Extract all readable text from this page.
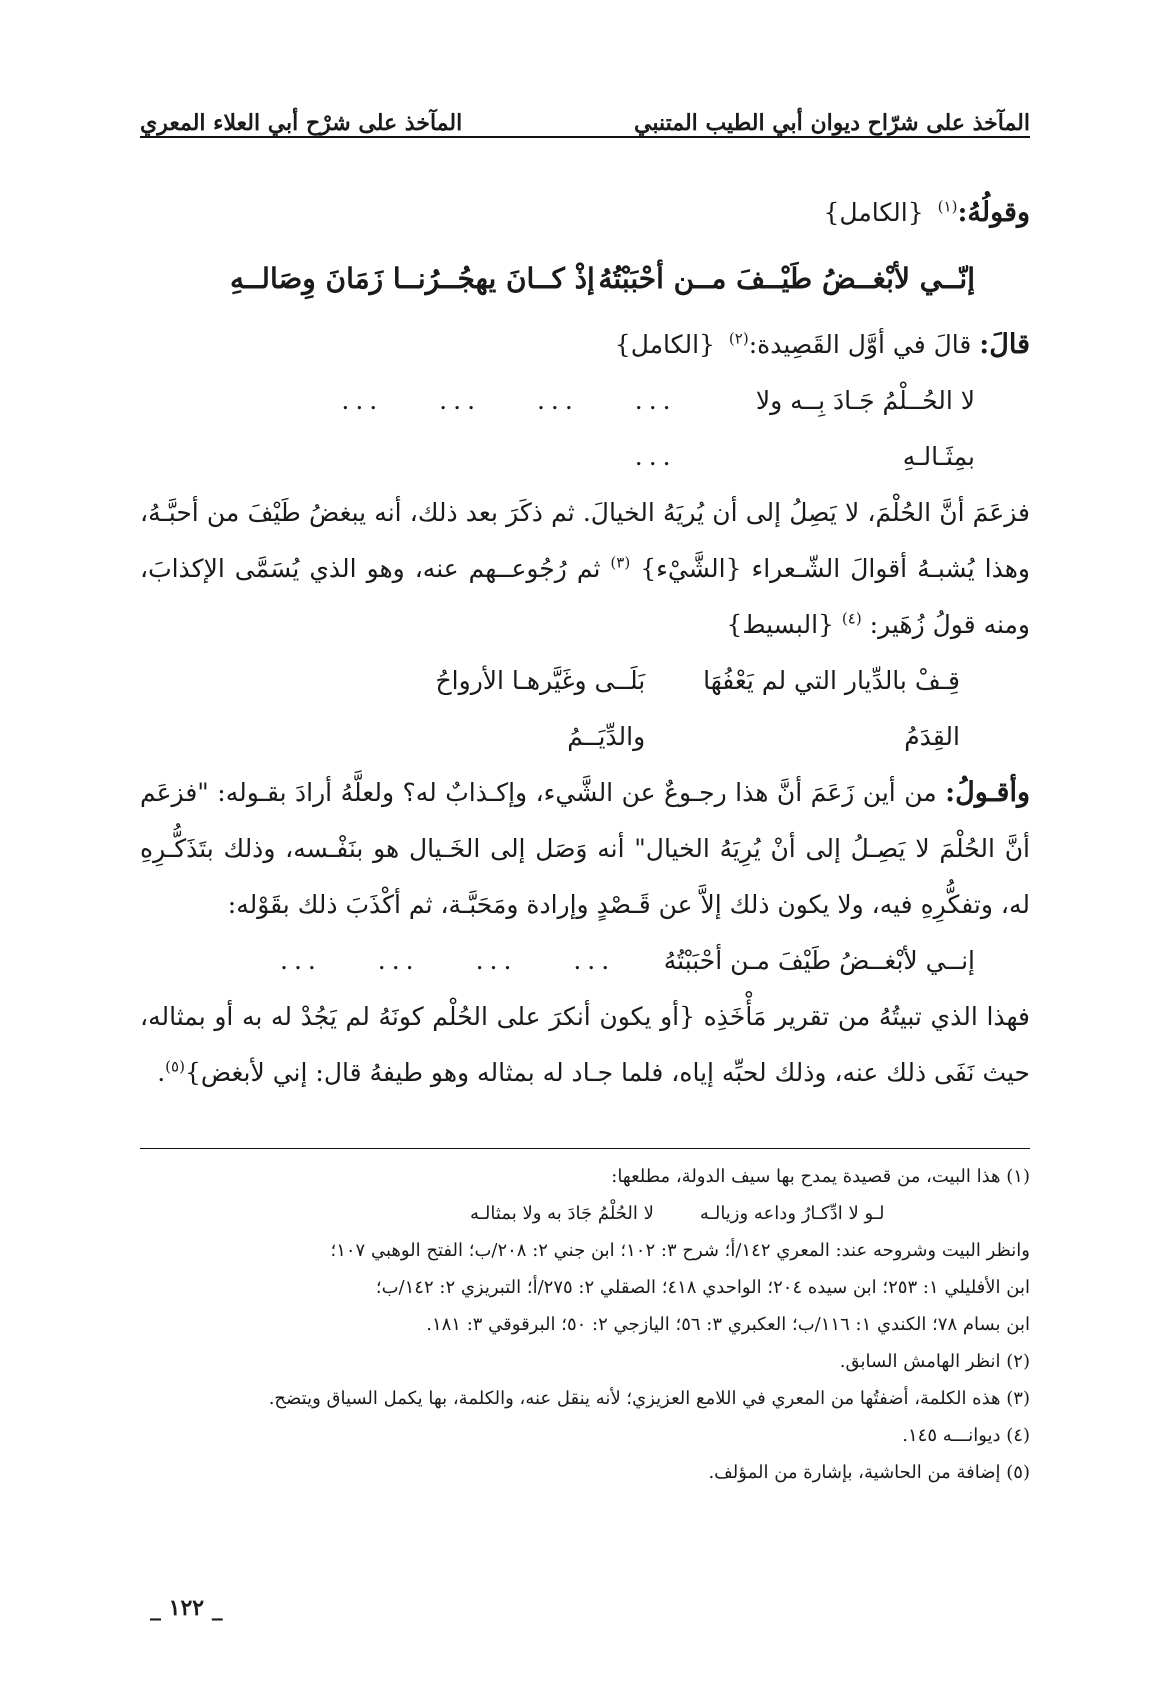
المآخذ على شرّاح ديوان أبي الطيب المتنبي
المآخذ على شرْح أبي العلاء المعري

وقولُهُ:$^{(١)}$
{الكامل}

إنّــي لأبْغــضُ طَيْــفَ مــن أحْبَبْتُهُ
إذْ كــانَ يهجُــرُنــا زَمَانَ وِصَالــهِ

قالَ: قالَ في أوَّل القَصِيدة:$^{(٢)}$
{الكامل}

لا الحُــلْمُ جَـادَ بِــه ولا بمِثَـالـهِ
... ... ... ... ...

فزعَمَ أنَّ الحُلْمَ، لا يَصِلُ إلى أن يُريَهُ الخيالَ. ثم ذكَرَ بعد ذلك، أنه يبغضُ طَيْفَ من أحبَّـهُ، وهذا يُشبـهُ أقوالَ الشّـعراء {الشَّيْء} $^{(٣)}$ ثم رُجُوعــهم عنه، وهو الذي يُسَمَّى الإكذابَ، ومنه قولُ زُهَير: $^{(٤)}$ {البسيط}

قِـفْ بالدِّيار التي لم يَعْفُهَا القِدَمُ
بَلَــى وغَيَّرهـا الأرواحُ والدِّيَــمُ

وأقـولُ: من أين زَعَمَ أنَّ هذا رجـوعٌ عن الشَّيء، وإكـذابٌ له؟ ولعلَّهُ أرادَ بقـوله: "فزعَم أنَّ الحُلْمَ لا يَصِـلُ إلى أنْ يُرِيَهُ الخيال" أنه وَصَل إلى الخَـيال هو بنَفْـسه، وذلك بتَذَكُّـرِهِ له، وتفكُّرِهِ فيه، ولا يكون ذلك إلاَّ عن قَـصْدٍ وإرادة ومَحَبَّـة، ثم أكْذَبَ ذلك بقَوْله:

إنــي لأبْغــضُ طَيْفَ مـن أحْبَبْتُهُ
... ... ... ...

فهذا الذي تبيتُهُ من تقرير مَأْخَذِه {أو يكون أنكرَ على الحُلْم كونَهُ لم يَجُدْ له به أو بمثاله، حيث نَفَى ذلك عنه، وذلك لحبِّه إياه، فلما جـاد له بمثاله وهو طيفهُ قال: إني لأبغض}$^{(٥)}$.

(١) هذا البيت، من قصيدة يمدح بها سيف الدولة، مطلعها:

لا الحُلْمُ جَادَ به ولا بمثالـه	لـو لا ادِّكـارُ وداعه وزيالـه

وانظر البيت وشروحه عند: المعري ١٤٢/أ؛ شرح ٣: ١٠٢؛ ابن جني ٢: ٢٠٨/ب؛ الفتح الوهبي ١٠٧؛

ابن الأفليلي ١: ٢٥٣؛ ابن سيده ٢٠٤؛ الواحدي ٤١٨؛ الصقلي ٢: ٢٧٥/أ؛ التبريزي ٢: ١٤٢/ب؛

ابن بسام ٧٨؛ الكندي ١: ١١٦/ب؛ العكبري ٣: ٥٦؛ اليازجي ٢: ٥٠؛ البرقوقي ٣: ١٨١.

(٢) انظر الهامش السابق.

(٣) هذه الكلمة، أضفتُها من المعري في اللامع العزيزي؛ لأنه ينقل عنه، والكلمة، بها يكمل السياق ويتضح.

(٤) ديوانـــه ١٤٥.

(٥) إضافة من الحاشية، بإشارة من المؤلف.

_ ١٢٢ _
